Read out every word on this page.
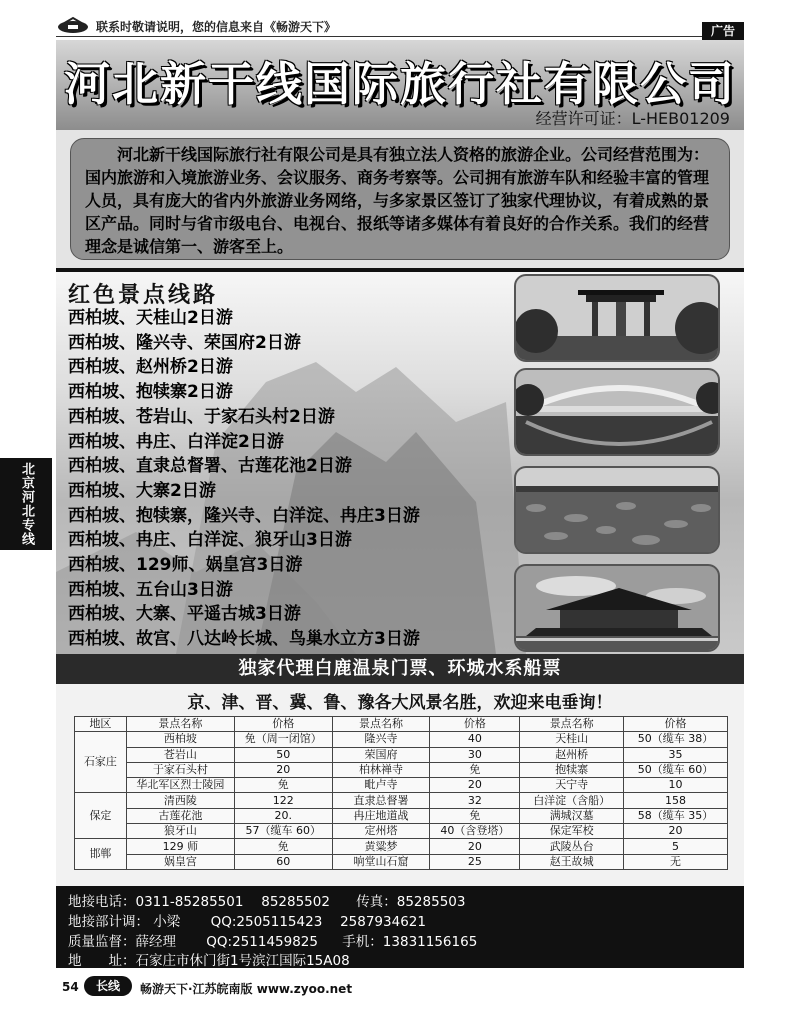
联系时敬请说明，您的信息来自《畅游天下》	广告
北京河北专线
河北新干线国际旅行社有限公司
经营许可证：L-HEB01209

河北新干线国际旅行社有限公司是具有独立法人资格的旅游企业。公司经营范围为：国内旅游和入境旅游业务、会议服务、商务考察等。公司拥有旅游车队和经验丰富的管理人员，具有庞大的省内外旅游业务网络，与多家景区签订了独家代理协议，有着成熟的景区产品。同时与省市级电台、电视台、报纸等诸多媒体有着良好的合作关系。我们的经营理念是诚信第一、游客至上。

红色景点线路
西柏坡、天桂山2日游
西柏坡、隆兴寺、荣国府2日游
西柏坡、赵州桥2日游
西柏坡、抱犊寨2日游
西柏坡、苍岩山、于家石头村2日游
西柏坡、冉庄、白洋淀2日游
西柏坡、直隶总督署、古莲花池2日游
西柏坡、大寨2日游
西柏坡、抱犊寨，隆兴寺、白洋淀、冉庄3日游
西柏坡、冉庄、白洋淀、狼牙山3日游
西柏坡、129师、娲皇宫3日游
西柏坡、五台山3日游
西柏坡、大寨、平遥古城3日游
西柏坡、故宫、八达岭长城、鸟巢水立方3日游
独家代理白鹿温泉门票、环城水系船票
京、津、晋、冀、鲁、豫各大风景名胜，欢迎来电垂询！
地区	景点名称	价格	景点名称	价格	景点名称	价格
石家庄	西柏坡	免（周一闭馆）	隆兴寺	40	天桂山	50（缆车 38）
	苍岩山	50	荣国府	30	赵州桥	35
	于家石头村	20	柏林禅寺	免	抱犊寨	50（缆车 60）
	华北军区烈士陵园	免	毗卢寺	20	天宁寺	10
保定	清西陵	122	直隶总督署	32	白洋淀（含船）	158
	古莲花池	20.	冉庄地道战	免	满城汉墓	58（缆车 35）
	狼牙山	57（缆车 60）	定州塔	40（含登塔）	保定军校	20
邯郸	129 师	免	黄粱梦	20	武陵丛台	5
	娲皇宫	60	响堂山石窟	25	赵王故城	无
地接电话：0311-85285501　 85285502 传真：85285503
地接部计调： 小梁 QQ:2505115423　 2587934621
质量监督：薛经理 QQ:2511459825 手机：13831156165
地　　址：石家庄市休门街1号滨江国际15A08
54	长线	畅游天下·江苏皖南版 www.zyoo.net
